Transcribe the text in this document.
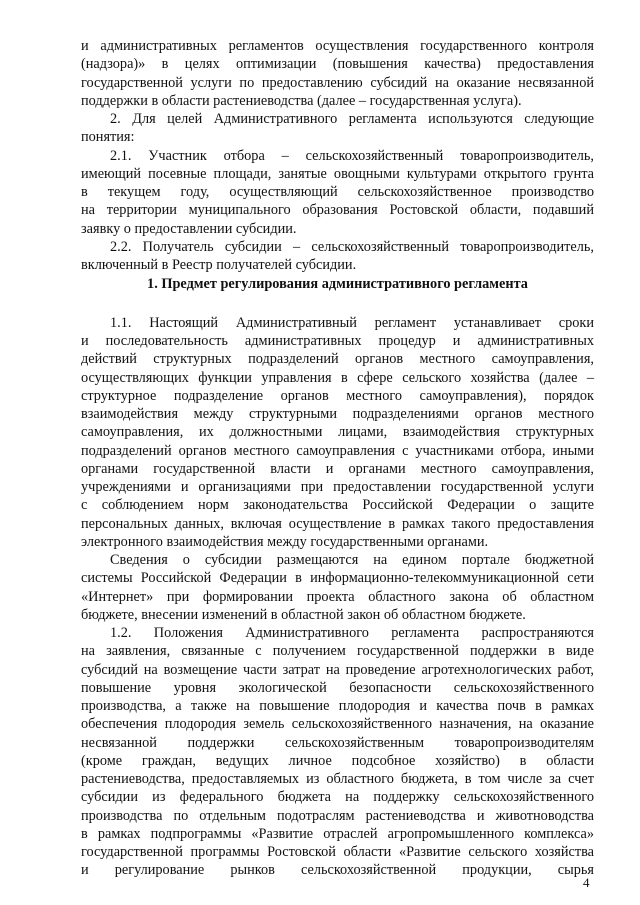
и административных регламентов осуществления государственного контроля
(надзора)» в целях оптимизации (повышения качества) предоставления
государственной услуги по предоставлению субсидий на оказание несвязанной
поддержки в области растениеводства (далее – государственная услуга).
2. Для целей Административного регламента используются следующие
понятия:
2.1. Участник отбора – сельскохозяйственный товаропроизводитель,
имеющий посевные площади, занятые овощными культурами открытого грунта
в текущем году, осуществляющий сельскохозяйственное производство
на территории муниципального образования Ростовской области, подавший
заявку о предоставлении субсидии.
2.2. Получатель субсидии – сельскохозяйственный товаропроизводитель,
включенный в Реестр получателей субсидии.
1. Предмет регулирования административного регламента
1.1. Настоящий Административный регламент устанавливает сроки
и последовательность административных процедур и административных
действий структурных подразделений органов местного самоуправления,
осуществляющих функции управления в сфере сельского хозяйства (далее –
структурное подразделение органов местного самоуправления), порядок
взаимодействия между структурными подразделениями органов местного
самоуправления, их должностными лицами, взаимодействия структурных
подразделений органов местного самоуправления с участниками отбора, иными
органами государственной власти и органами местного самоуправления,
учреждениями и организациями при предоставлении государственной услуги
с соблюдением норм законодательства Российской Федерации о защите
персональных данных, включая осуществление в рамках такого предоставления
электронного взаимодействия между государственными органами.
Сведения о субсидии размещаются на едином портале бюджетной
системы Российской Федерации в информационно-телекоммуникационной сети
«Интернет» при формировании проекта областного закона об областном
бюджете, внесении изменений в областной закон об областном бюджете.
1.2. Положения Административного регламента распространяются
на заявления, связанные с получением государственной поддержки в виде
субсидий на возмещение части затрат на проведение агротехнологических работ,
повышение уровня экологической безопасности сельскохозяйственного
производства, а также на повышение плодородия и качества почв в рамках
обеспечения плодородия земель сельскохозяйственного назначения, на оказание
несвязанной поддержки сельскохозяйственным товаропроизводителям
(кроме граждан, ведущих личное подсобное хозяйство) в области
растениеводства, предоставляемых из областного бюджета, в том числе за счет
субсидии из федерального бюджета на поддержку сельскохозяйственного
производства по отдельным подотраслям растениеводства и животноводства
в рамках подпрограммы «Развитие отраслей агропромышленного комплекса»
государственной программы Ростовской области «Развитие сельского хозяйства
и регулирование рынков сельскохозяйственной продукции, сырья
4
